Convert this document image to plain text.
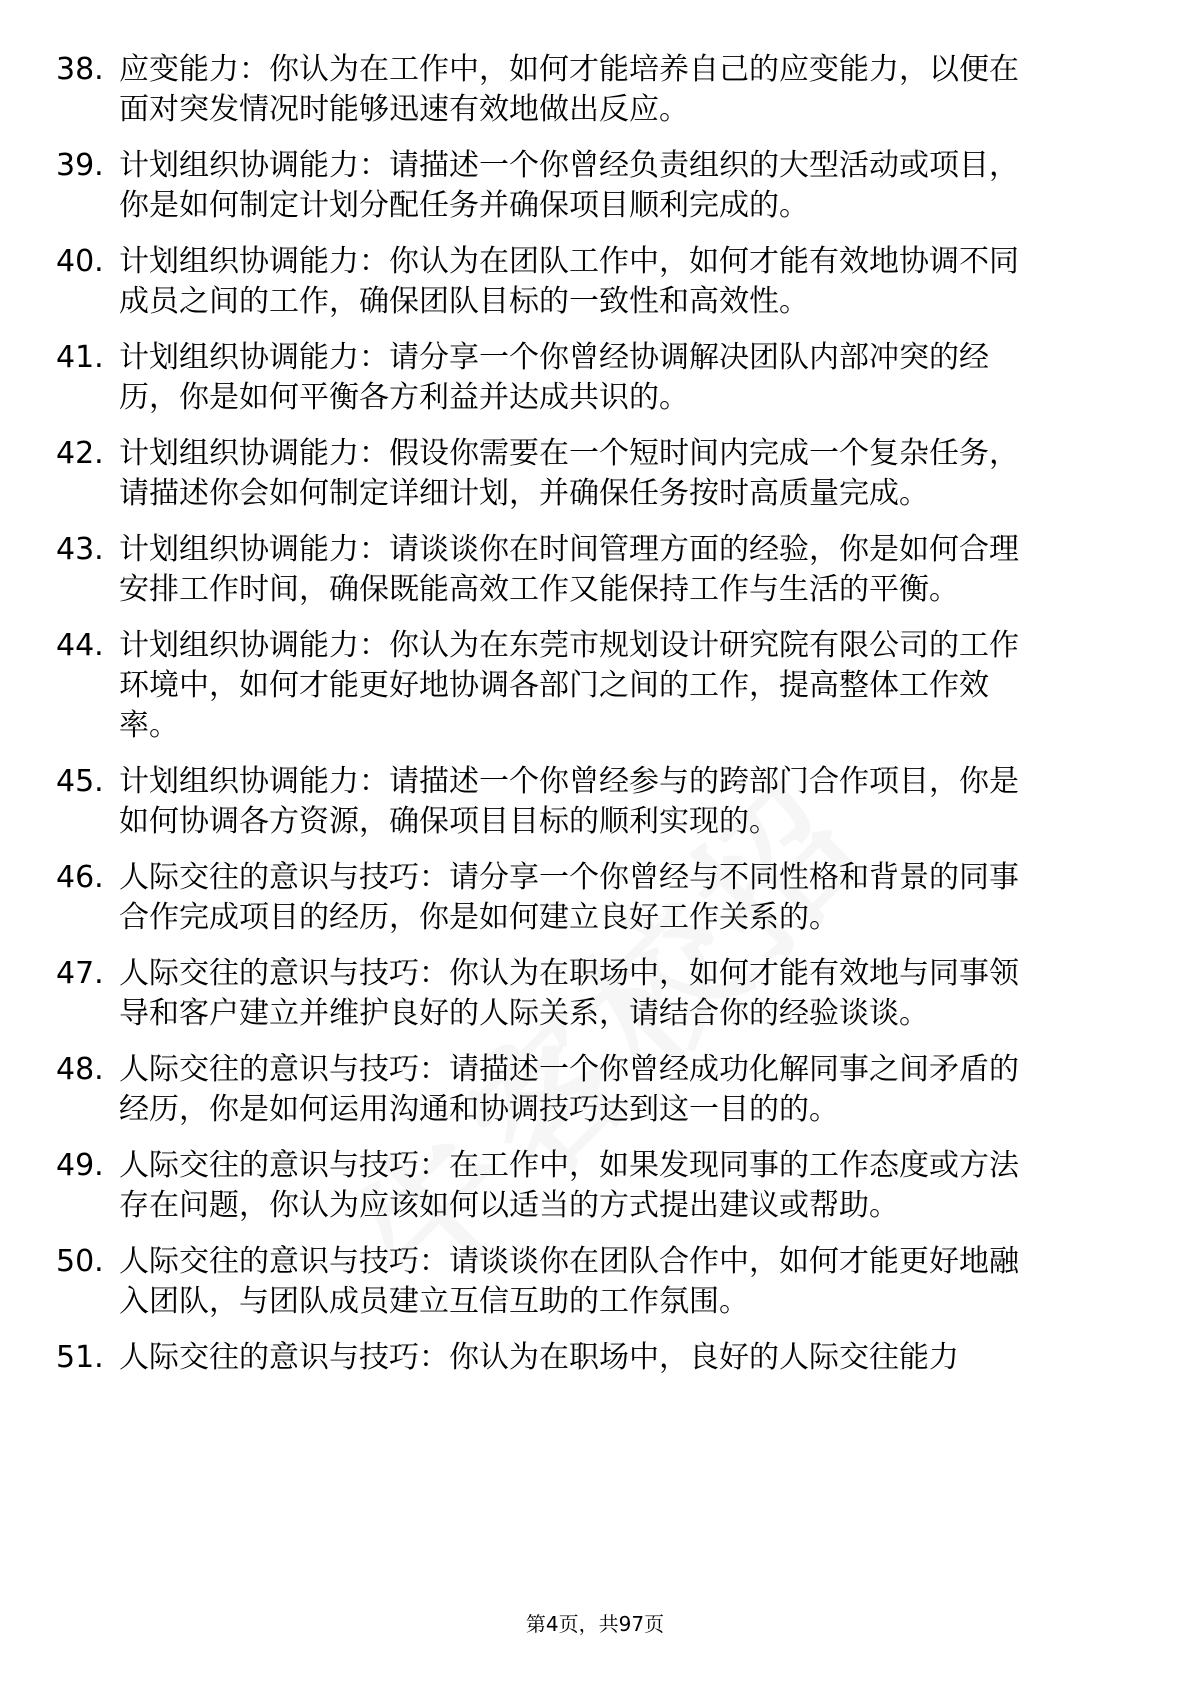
38. 应变能力：你认为在工作中，如何才能培养自己的应变能力，以便在面对突发情况时能够迅速有效地做出反应。
39. 计划组织协调能力：请描述一个你曾经负责组织的大型活动或项目，你是如何制定计划分配任务并确保项目顺利完成的。
40. 计划组织协调能力：你认为在团队工作中，如何才能有效地协调不同成员之间的工作，确保团队目标的一致性和高效性。
41. 计划组织协调能力：请分享一个你曾经协调解决团队内部冲突的经历，你是如何平衡各方利益并达成共识的。
42. 计划组织协调能力：假设你需要在一个短时间内完成一个复杂任务，请描述你会如何制定详细计划，并确保任务按时高质量完成。
43. 计划组织协调能力：请谈谈你在时间管理方面的经验，你是如何合理安排工作时间，确保既能高效工作又能保持工作与生活的平衡。
44. 计划组织协调能力：你认为在东莞市规划设计研究院有限公司的工作环境中，如何才能更好地协调各部门之间的工作，提高整体工作效率。
45. 计划组织协调能力：请描述一个你曾经参与的跨部门合作项目，你是如何协调各方资源，确保项目目标的顺利实现的。
46. 人际交往的意识与技巧：请分享一个你曾经与不同性格和背景的同事合作完成项目的经历，你是如何建立良好工作关系的。
47. 人际交往的意识与技巧：你认为在职场中，如何才能有效地与同事领导和客户建立并维护良好的人际关系，请结合你的经验谈谈。
48. 人际交往的意识与技巧：请描述一个你曾经成功化解同事之间矛盾的经历，你是如何运用沟通和协调技巧达到这一目的的。
49. 人际交往的意识与技巧：在工作中，如果发现同事的工作态度或方法存在问题，你认为应该如何以适当的方式提出建议或帮助。
50. 人际交往的意识与技巧：请谈谈你在团队合作中，如何才能更好地融入团队，与团队成员建立互信互助的工作氛围。
51. 人际交往的意识与技巧：你认为在职场中，良好的人际交往能力
第4页，共97页
